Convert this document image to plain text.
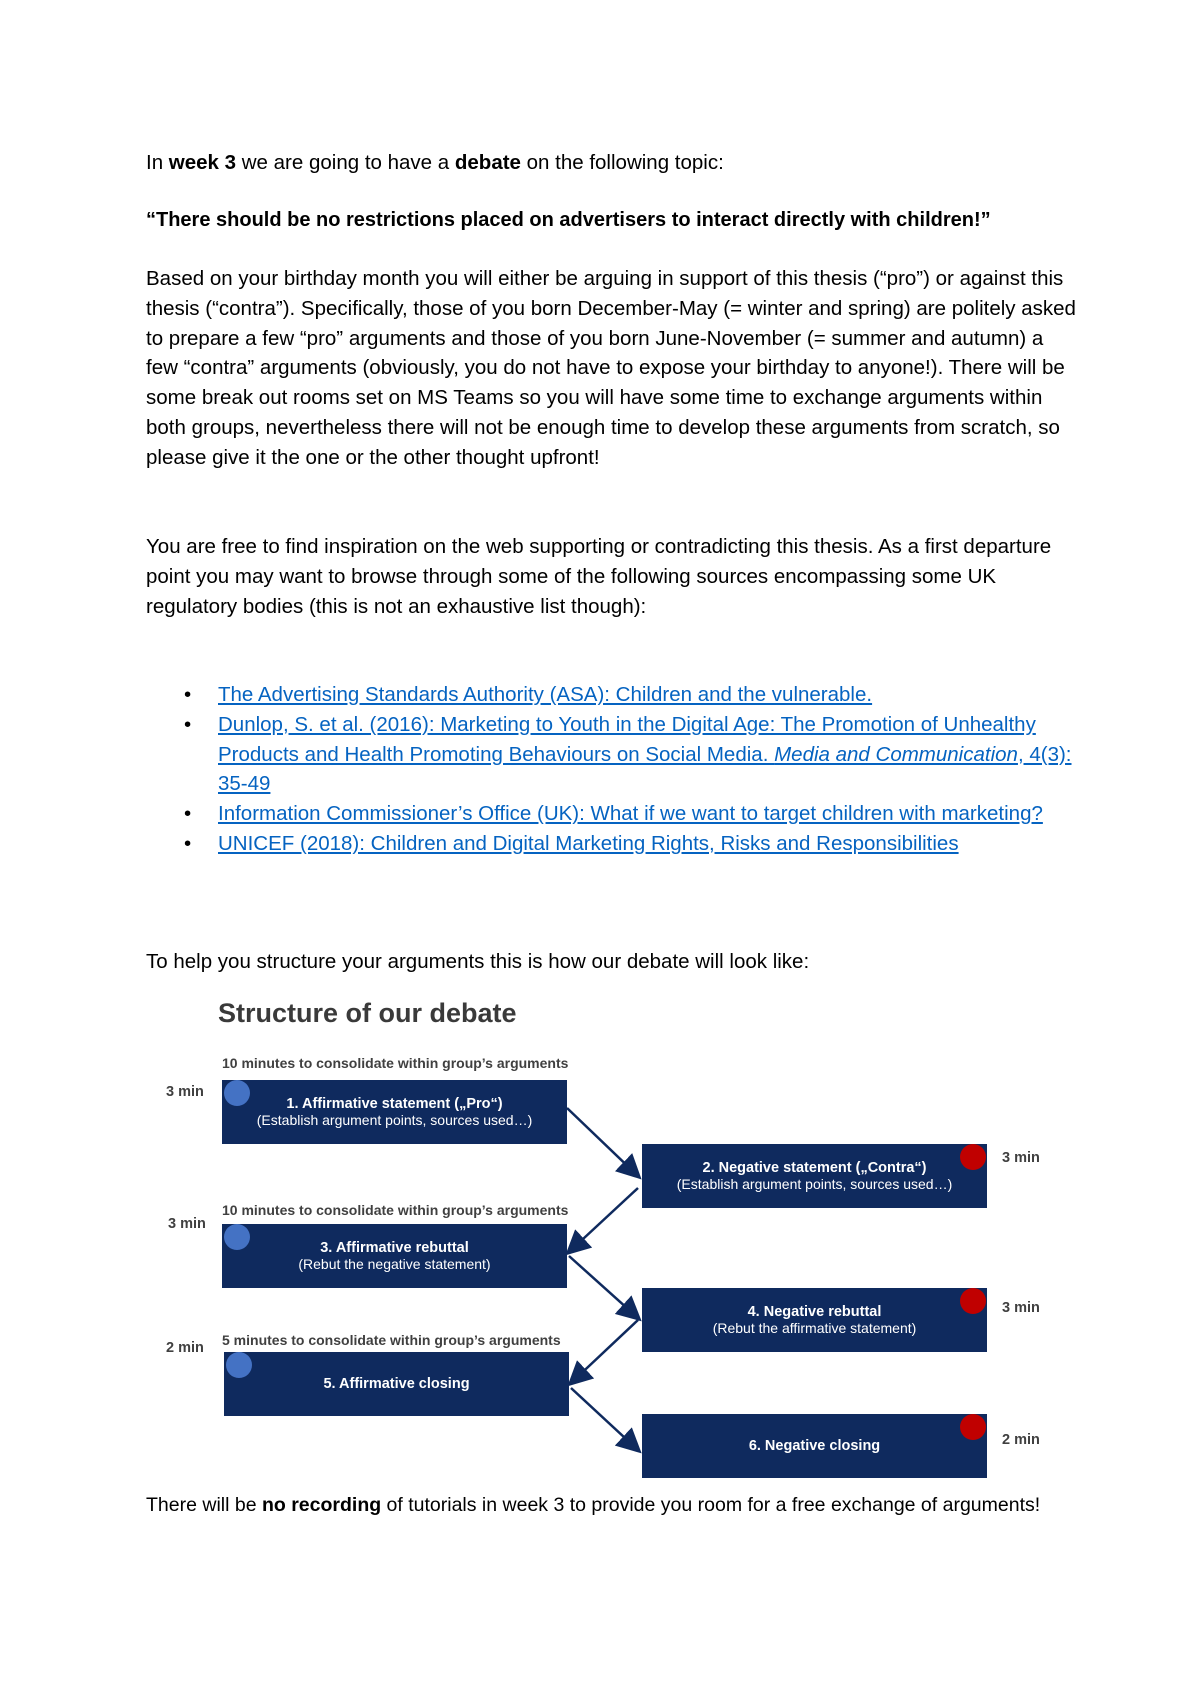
In week 3 we are going to have a debate on the following topic:

“There should be no restrictions placed on advertisers to interact directly with children!”

Based on your birthday month you will either be arguing in support of this thesis (“pro”) or against this thesis (“contra”). Specifically, those of you born December-May (= winter and spring) are politely asked to prepare a few “pro” arguments and those of you born June-November (= summer and autumn) a few “contra” arguments (obviously, you do not have to expose your birthday to anyone!). There will be some break out rooms set on MS Teams so you will have some time to exchange arguments within both groups, nevertheless there will not be enough time to develop these arguments from scratch, so please give it the one or the other thought upfront!

You are free to find inspiration on the web supporting or contradicting this thesis. As a first departure point you may want to browse through some of the following sources encompassing some UK regulatory bodies (this is not an exhaustive list though):

• The Advertising Standards Authority (ASA): Children and the vulnerable.
• Dunlop, S. et al. (2016): Marketing to Youth in the Digital Age: The Promotion of Unhealthy Products and Health Promoting Behaviours on Social Media. Media and Communication, 4(3): 35-49
• Information Commissioner’s Office (UK): What if we want to target children with marketing?
• UNICEF (2018): Children and Digital Marketing Rights, Risks and Responsibilities

To help you structure your arguments this is how our debate will look like:

Structure of our debate
10 minutes to consolidate within group’s arguments
10 minutes to consolidate within group’s arguments
5 minutes to consolidate within group’s arguments
3 min
1. Affirmative statement („Pro“)
(Establish argument points, sources used…)
2. Negative statement („Contra“)
(Establish argument points, sources used…)
3 min
3 min
3. Affirmative rebuttal
(Rebut the negative statement)
4. Negative rebuttal
(Rebut the affirmative statement)
3 min
2 min
5. Affirmative closing
6. Negative closing	2 min

There will be no recording of tutorials in week 3 to provide you room for a free exchange of arguments!
